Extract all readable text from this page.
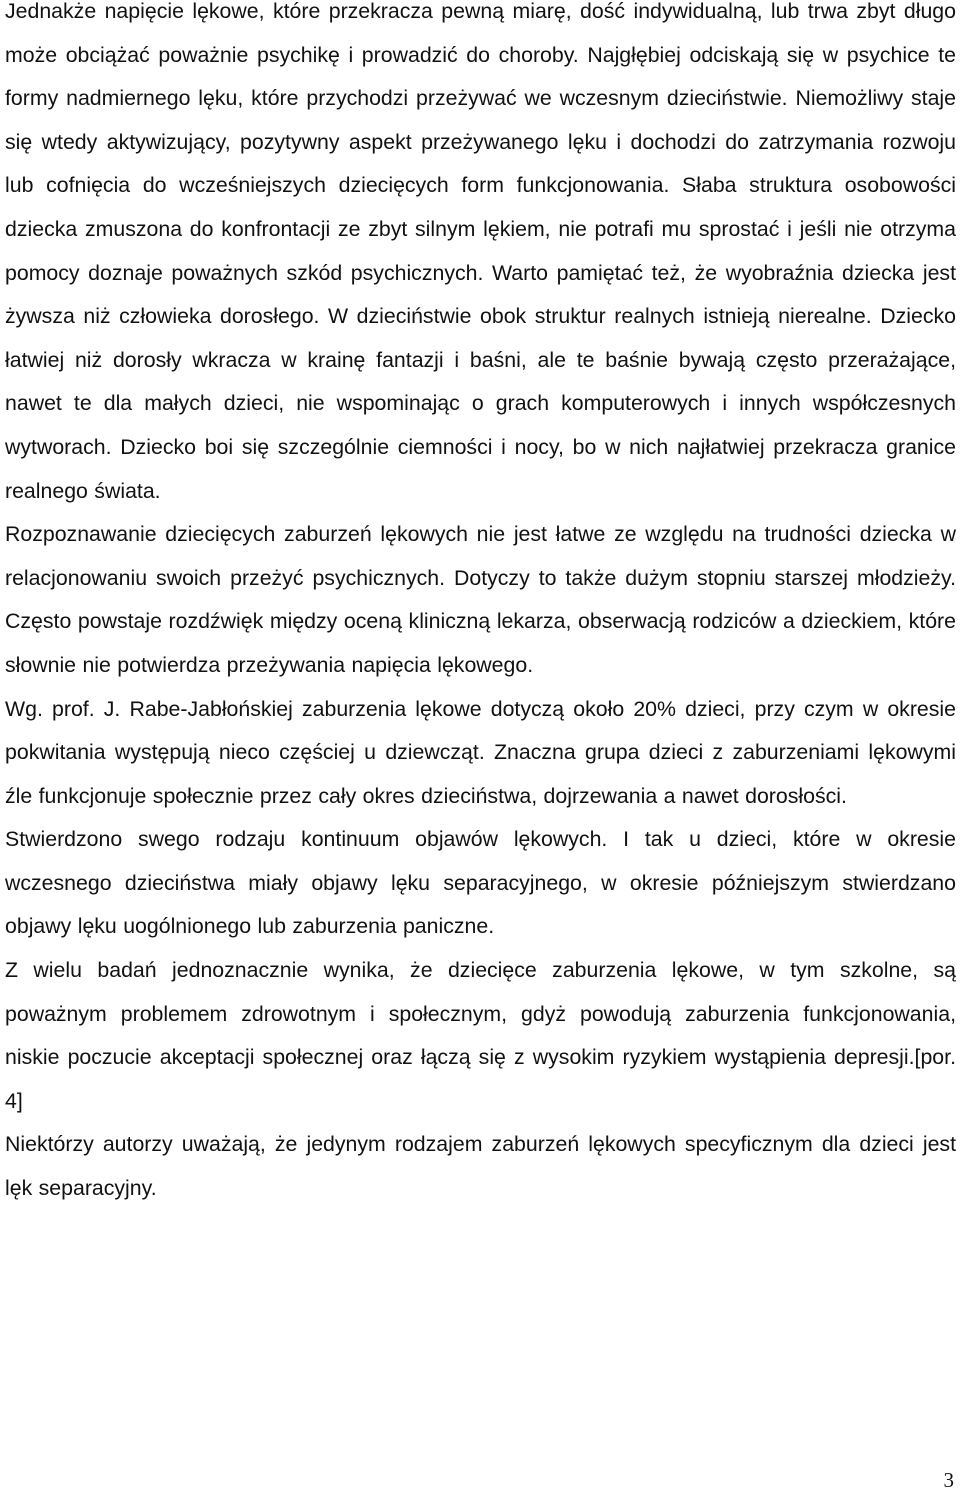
Jednakże napięcie lękowe, które przekracza pewną miarę, dość indywidualną, lub trwa zbyt długo może obciążać poważnie psychikę i prowadzić do choroby. Najgłębiej odciskają się w psychice te formy nadmiernego lęku, które przychodzi przeżywać we wczesnym dzieciństwie. Niemożliwy staje się wtedy aktywizujący, pozytywny aspekt przeżywanego lęku i dochodzi do zatrzymania rozwoju lub cofnięcia do wcześniejszych dziecięcych form funkcjonowania. Słaba struktura osobowości dziecka zmuszona do konfrontacji ze zbyt silnym lękiem, nie potrafi mu sprostać i jeśli nie otrzyma pomocy doznaje poważnych szkód psychicznych. Warto pamiętać też, że wyobraźnia dziecka jest żywsza niż człowieka dorosłego. W dzieciństwie obok struktur realnych istnieją nierealne. Dziecko łatwiej niż dorosły wkracza w krainę fantazji i baśni, ale te baśnie bywają często przerażające, nawet te dla małych dzieci, nie wspominając o grach komputerowych i innych współczesnych wytworach. Dziecko boi się szczególnie ciemności i nocy, bo w nich najłatwiej przekracza granice realnego świata.

Rozpoznawanie dziecięcych zaburzeń lękowych nie jest łatwe ze względu na trudności dziecka w relacjonowaniu swoich przeżyć psychicznych. Dotyczy to także dużym stopniu starszej młodzieży. Często powstaje rozdźwięk między oceną kliniczną lekarza, obserwacją rodziców a dzieckiem, które słownie nie potwierdza przeżywania napięcia lękowego.

Wg. prof. J. Rabe-Jabłońskiej zaburzenia lękowe dotyczą około 20% dzieci, przy czym w okresie pokwitania występują nieco częściej u dziewcząt. Znaczna grupa dzieci z zaburzeniami lękowymi źle funkcjonuje społecznie przez cały okres dzieciństwa, dojrzewania a nawet dorosłości.

Stwierdzono swego rodzaju kontinuum objawów lękowych. I tak u dzieci, które w okresie wczesnego dzieciństwa miały objawy lęku separacyjnego, w okresie późniejszym stwierdzano objawy lęku uogólnionego lub zaburzenia paniczne.

Z wielu badań jednoznacznie wynika, że dziecięce zaburzenia lękowe, w tym szkolne, są poważnym problemem zdrowotnym i społecznym, gdyż powodują zaburzenia funkcjonowania, niskie poczucie akceptacji społecznej oraz łączą się z wysokim ryzykiem wystąpienia depresji.[por. 4]

Niektórzy autorzy uważają, że jedynym rodzajem zaburzeń lękowych specyficznym dla dzieci jest lęk separacyjny.

3
